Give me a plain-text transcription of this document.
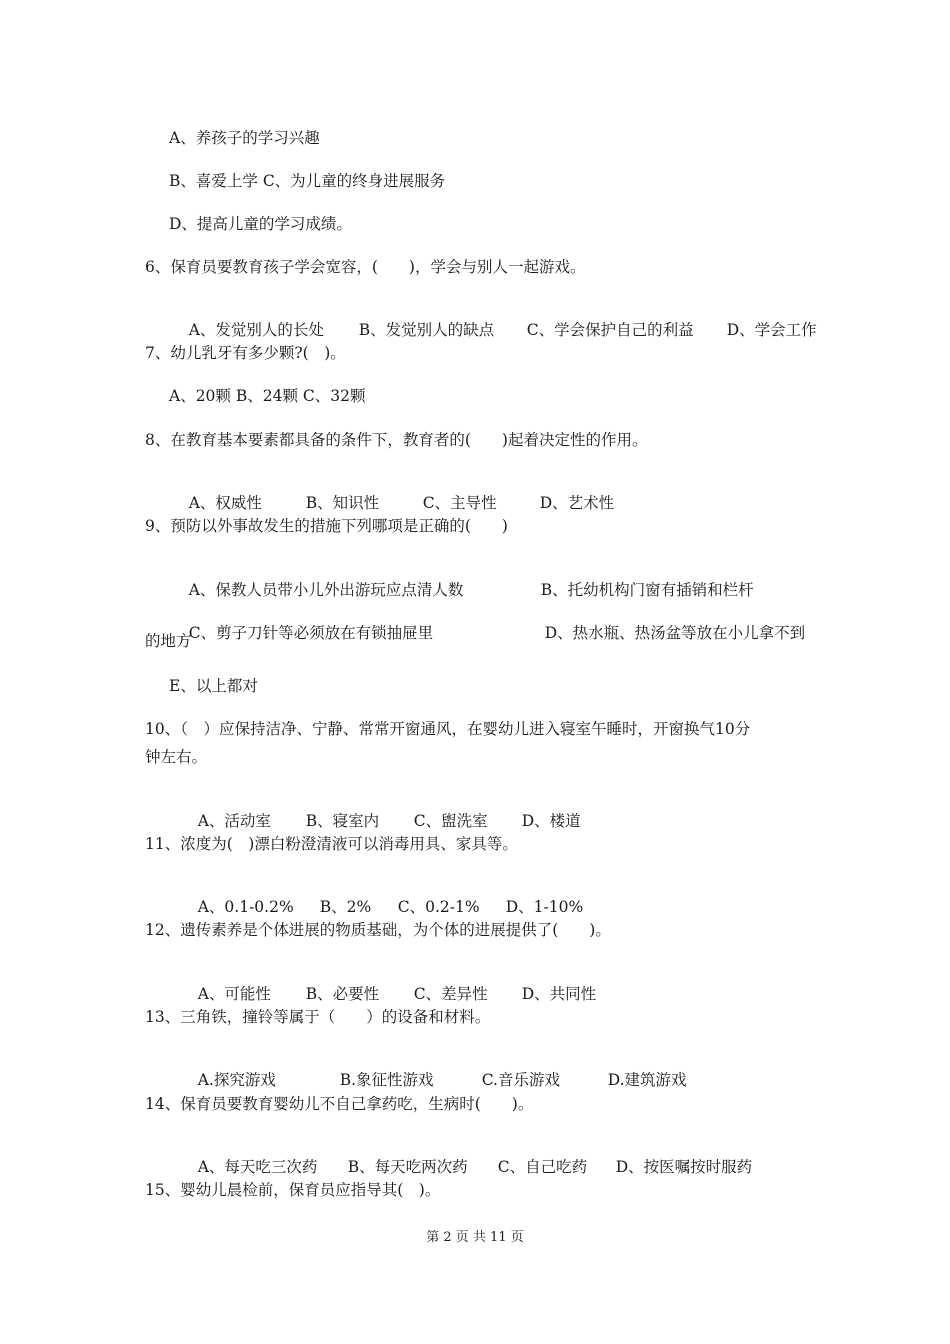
A、养孩子的学习兴趣
B、喜爱上学 C、为儿童的终身进展服务
D、提高儿童的学习成绩。
6、保育员要教育孩子学会宽容，(　　)，学会与别人一起游戏。

A、发觉别人的长处 B、发觉别人的缺点 C、学会保护自己的利益 D、学会工作

7、幼儿乳牙有多少颗?(　)。
A、20颗 B、24颗 C、32颗
8、在教育基本要素都具备的条件下，教育者的(　　)起着决定性的作用。

A、权威性	B、知识性	C、主导性	D、艺术性

9、预防以外事故发生的措施下列哪项是正确的(　　)

A、保教人员带小儿外出游玩应点清人数	B、托幼机构门窗有插销和栏杆

C、剪子刀针等必须放在有锁抽屉里	D、热水瓶、热汤盆等放在小儿拿不到

的地方
E、以上都对
10、（　）应保持洁净、宁静、常常开窗通风，在婴幼儿进入寝室午睡时，开窗换气10分
钟左右。

A、活动室 B、寝室内 C、盥洗室 D、楼道

11、浓度为(　)漂白粉澄清液可以消毒用具、家具等。

A、0.1-0.2% B、2% C、0.2-1% D、1-10%

12、遗传素养是个体进展的物质基础，为个体的进展提供了(　　)。

A、可能性 B、必要性 C、差异性 D、共同性

13、三角铁，撞铃等属于（　　）的设备和材料。

A.探究游戏	B.象征性游戏	C.音乐游戏	D.建筑游戏

14、保育员要教育婴幼儿不自己拿药吃，生病时(　　)。

A、每天吃三次药 B、每天吃两次药 C、自己吃药 D、按医嘱按时服药

15、婴幼儿晨检前，保育员应指导其(　)。
第 2 页 共 11 页
